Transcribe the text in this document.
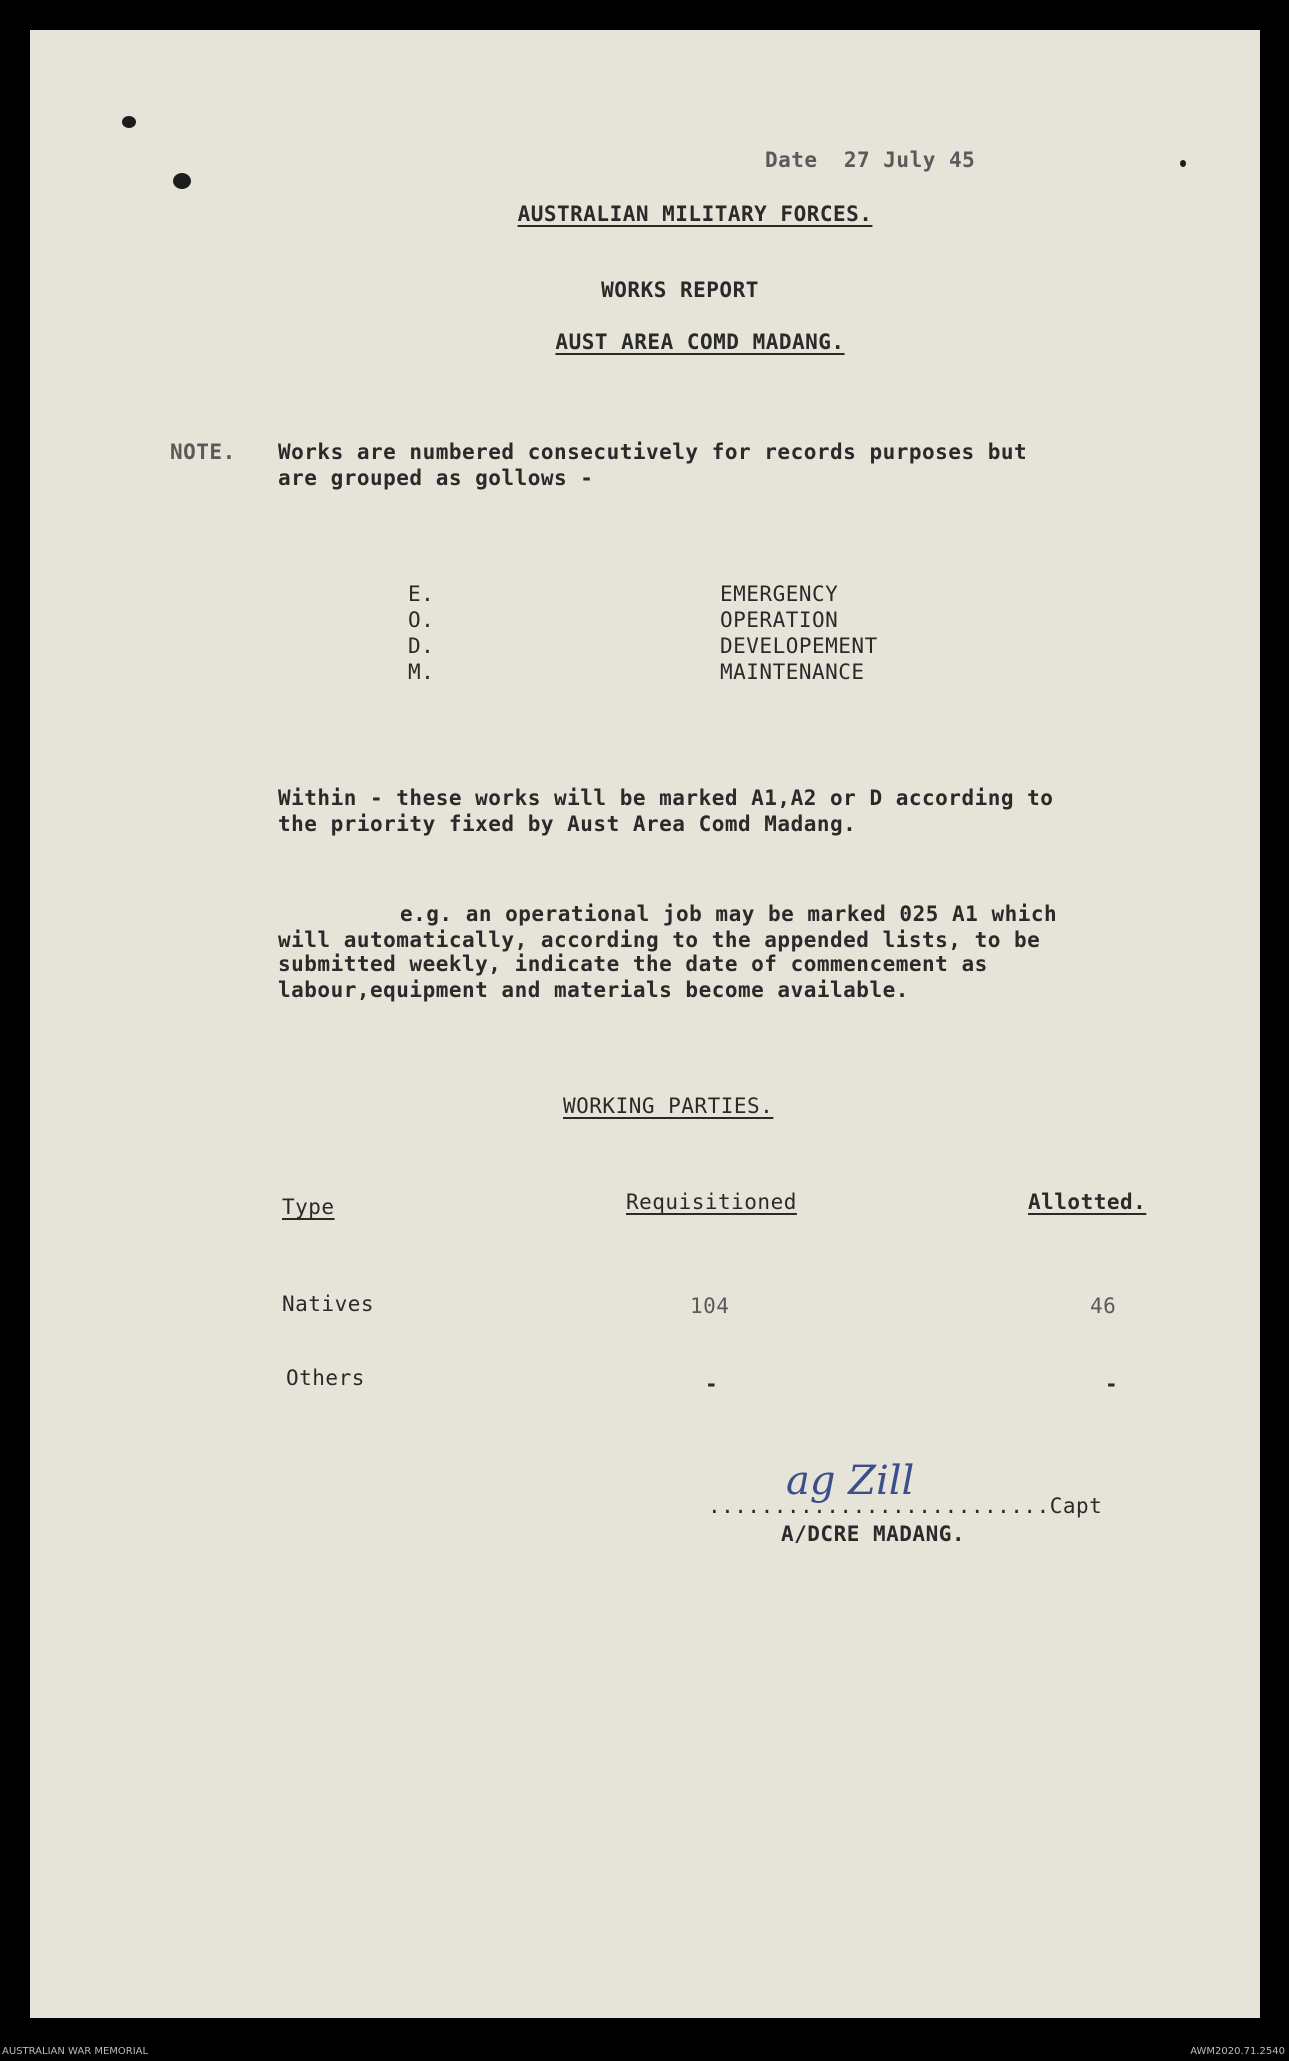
Date  27 July 45
AUSTRALIAN MILITARY FORCES.
WORKS REPORT
AUST AREA COMD MADANG.
NOTE. Works are numbered consecutively for records purposes but
are grouped as gollows -
E.	EMERGENCY
O.	OPERATION
D.	DEVELOPEMENT
M.	MAINTENANCE
Within - these works will be marked A1,A2 or D according to
the priority fixed by Aust Area Comd Madang.
e.g. an operational job may be marked 025 A1 which
will automatically, according to the appended lists, to be
submitted weekly, indicate the date of commencement as
labour,equipment and materials become available.
WORKING PARTIES.
Type	Requisitioned	Allotted.
Natives	104	46
Others	-	-
..........................Capt
ag Zill
A/DCRE MADANG.
AUSTRALIAN WAR MEMORIAL	AWM2020.71.2540
